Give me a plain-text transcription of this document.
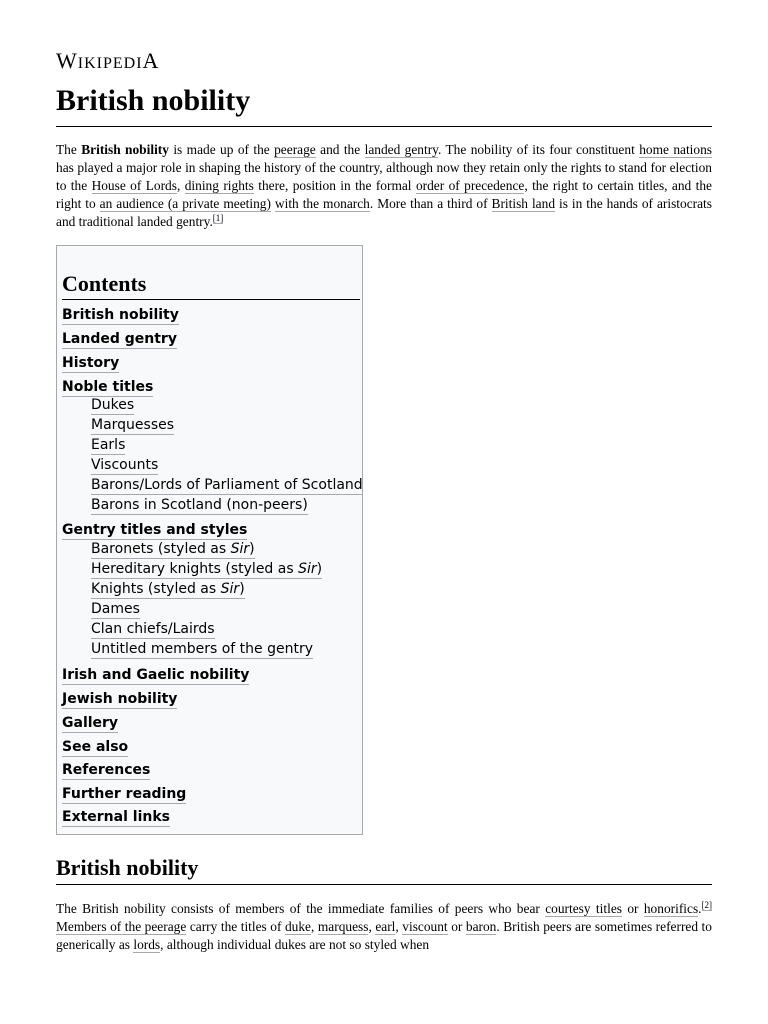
WIKIPEDIA
British nobility

The British nobility is made up of the peerage and the landed gentry. The nobility of its four constituent home nations has played a major role in shaping the history of the country, although now they retain only the rights to stand for election to the House of Lords, dining rights there, position in the formal order of precedence, the right to certain titles, and the right to an audience (a private meeting) with the monarch. More than a third of British land is in the hands of aristocrats and traditional landed gentry.[1]

Contents
British nobility
Landed gentry
History
Noble titles
Dukes
Marquesses
Earls
Viscounts
Barons/Lords of Parliament of Scotland
Barons in Scotland (non-peers)
Gentry titles and styles
Baronets (styled as Sir)
Hereditary knights (styled as Sir)
Knights (styled as Sir)
Dames
Clan chiefs/Lairds
Untitled members of the gentry
Irish and Gaelic nobility
Jewish nobility
Gallery
See also
References
Further reading
External links
British nobility

The British nobility consists of members of the immediate families of peers who bear courtesy titles or honorifics.[2] Members of the peerage carry the titles of duke, marquess, earl, viscount or baron. British peers are sometimes referred to generically as lords, although individual dukes are not so styled when
